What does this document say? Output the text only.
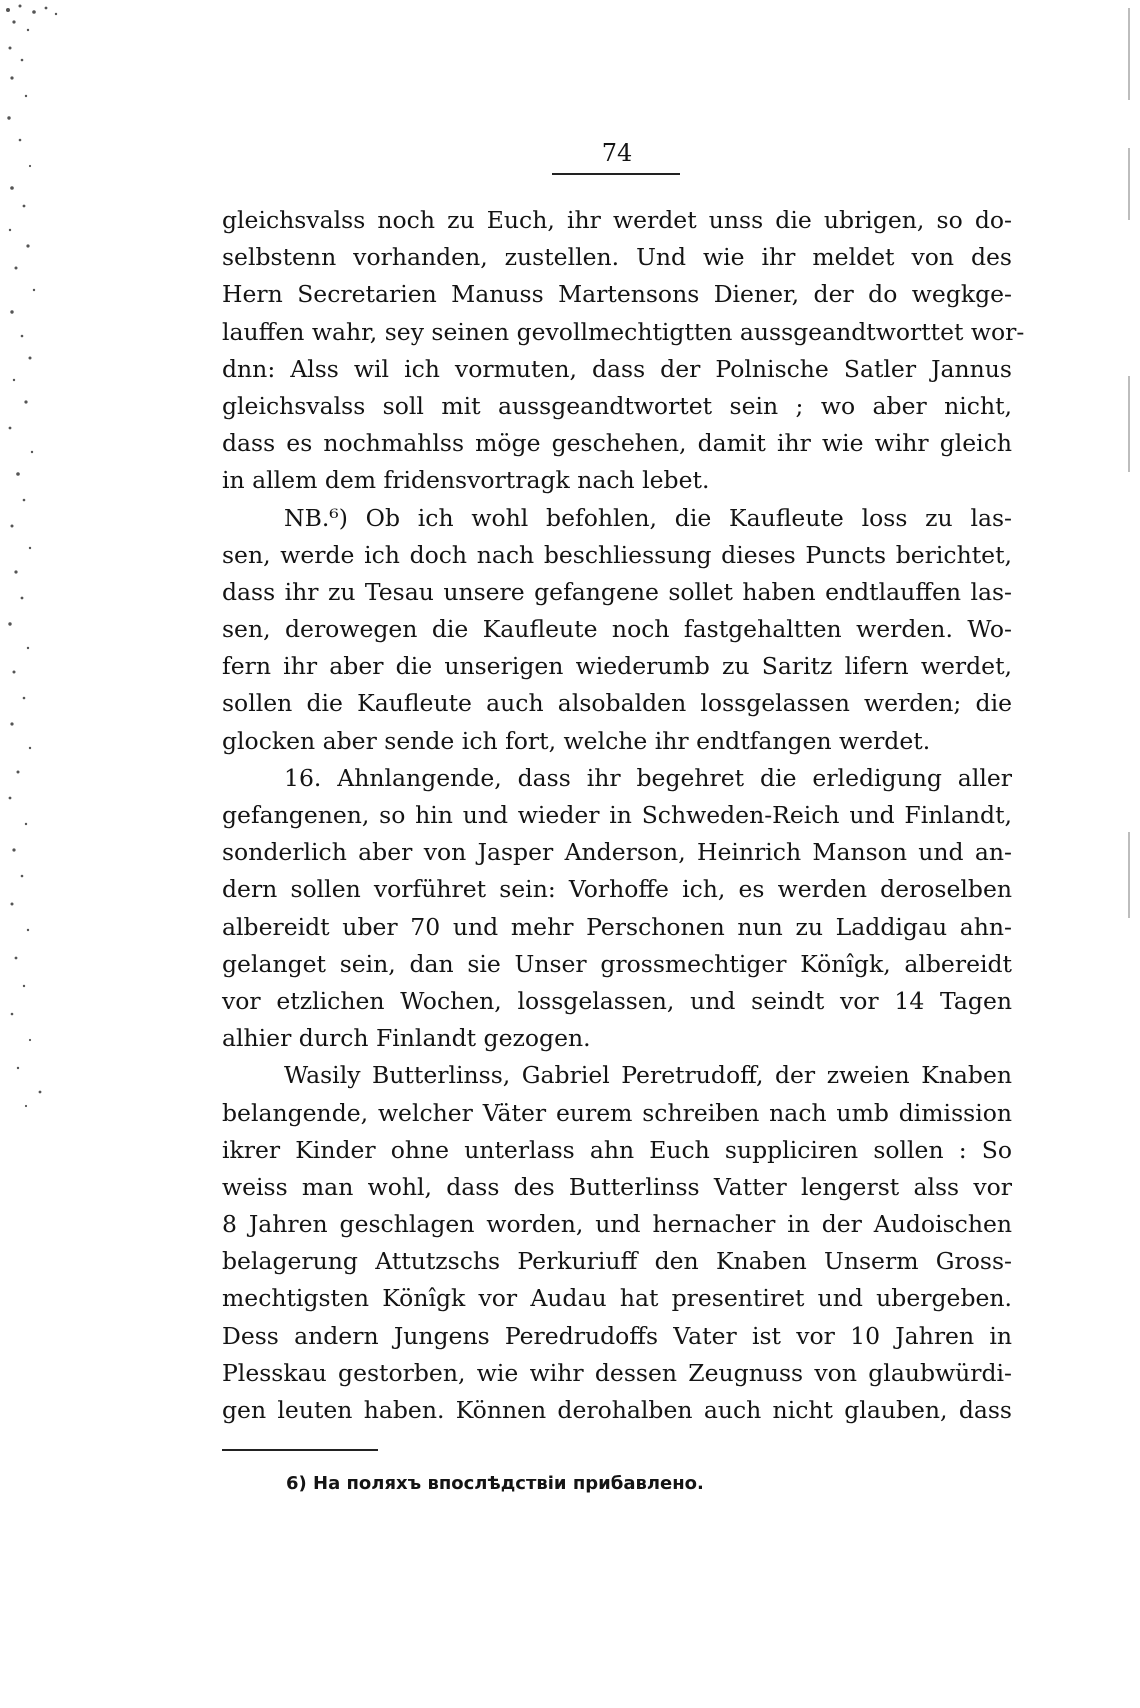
74
gleichsvalss noch zu Euch, ihr werdet unss die ubrigen, so do-
selbstenn vorhanden, zustellen. Und wie ihr meldet von des
Hern Secretarien Manuss Martensons Diener, der do wegkge-
lauffen wahr, sey seinen gevollmechtigtten aussgeandtworttet wor-
dnn: Alss wil ich vormuten, dass der Polnische Satler Jannus
gleichsvalss soll mit aussgeandtwortet sein ; wo aber nicht,
dass es nochmahlss möge geschehen, damit ihr wie wihr gleich
in allem dem fridensvortragk nach lebet.
NB.⁶) Ob ich wohl befohlen, die Kaufleute loss zu las-
sen, werde ich doch nach beschliessung dieses Puncts berichtet,
dass ihr zu Tesau unsere gefangene sollet haben endtlauffen las-
sen, derowegen die Kaufleute noch fastgehaltten werden. Wo-
fern ihr aber die unserigen wiederumb zu Saritz lifern werdet,
sollen die Kaufleute auch alsobalden lossgelassen werden; die
glocken aber sende ich fort, welche ihr endtfangen werdet.
16. Ahnlangende, dass ihr begehret die erledigung aller
gefangenen, so hin und wieder in Schweden-Reich und Finlandt,
sonderlich aber von Jasper Anderson, Heinrich Manson und an-
dern sollen vorführet sein: Vorhoffe ich, es werden deroselben
albereidt uber 70 und mehr Perschonen nun zu Laddigau ahn-
gelanget sein, dan sie Unser grossmechtiger Könîgk, albereidt
vor etzlichen Wochen, lossgelassen, und seindt vor 14 Tagen
alhier durch Finlandt gezogen.
Wasily Butterlinss, Gabriel Peretrudoff, der zweien Knaben
belangende, welcher Väter eurem schreiben nach umb dimission
ikrer Kinder ohne unterlass ahn Euch suppliciren sollen : So
weiss man wohl, dass des Butterlinss Vatter lengerst alss vor
8 Jahren geschlagen worden, und hernacher in der Audoischen
belagerung Attutzschs Perkuriuff den Knaben Unserm Gross-
mechtigsten Könîgk vor Audau hat presentiret und ubergeben.
Dess andern Jungens Peredrudoffs Vater ist vor 10 Jahren in
Plesskau gestorben, wie wihr dessen Zeugnuss von glaubwürdi-
gen leuten haben. Können derohalben auch nicht glauben, dass
6) На поляхъ впослѣдствіи прибавлено.
